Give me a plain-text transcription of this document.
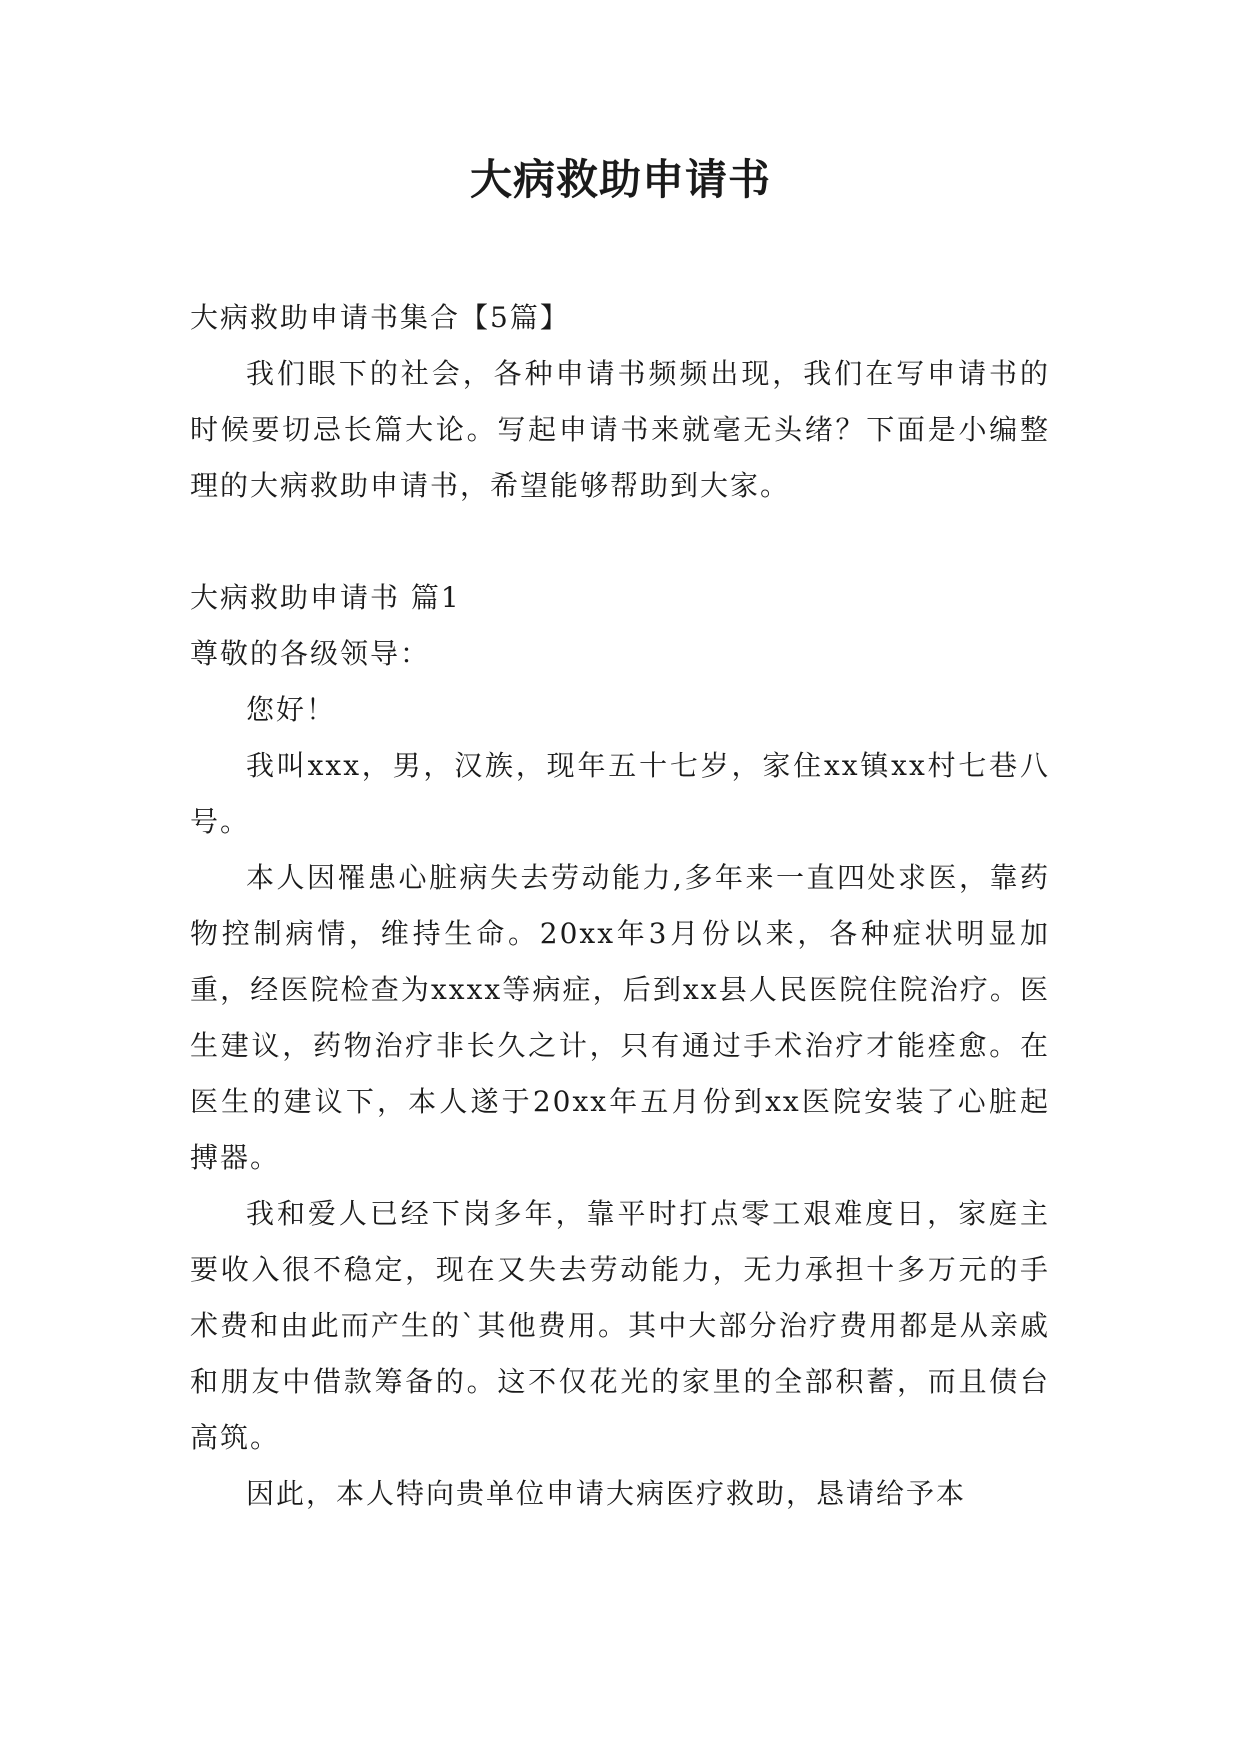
大病救助申请书

大病救助申请书集合【5篇】

我们眼下的社会，各种申请书频频出现，我们在写申请书的时候要切忌长篇大论。写起申请书来就毫无头绪？下面是小编整理的大病救助申请书，希望能够帮助到大家。

大病救助申请书 篇1

尊敬的各级领导：

您好！

我叫xxx，男，汉族，现年五十七岁，家住xx镇xx村七巷八号。

本人因罹患心脏病失去劳动能力,多年来一直四处求医，靠药物控制病情，维持生命。20xx年3月份以来，各种症状明显加重，经医院检查为xxxx等病症，后到xx县人民医院住院治疗。医生建议，药物治疗非长久之计，只有通过手术治疗才能痊愈。在医生的建议下，本人遂于20xx年五月份到xx医院安装了心脏起搏器。

我和爱人已经下岗多年，靠平时打点零工艰难度日，家庭主要收入很不稳定，现在又失去劳动能力，无力承担十多万元的手术费和由此而产生的`其他费用。其中大部分治疗费用都是从亲戚和朋友中借款筹备的。这不仅花光的家里的全部积蓄，而且债台高筑。

因此，本人特向贵单位申请大病医疗救助，恳请给予本
